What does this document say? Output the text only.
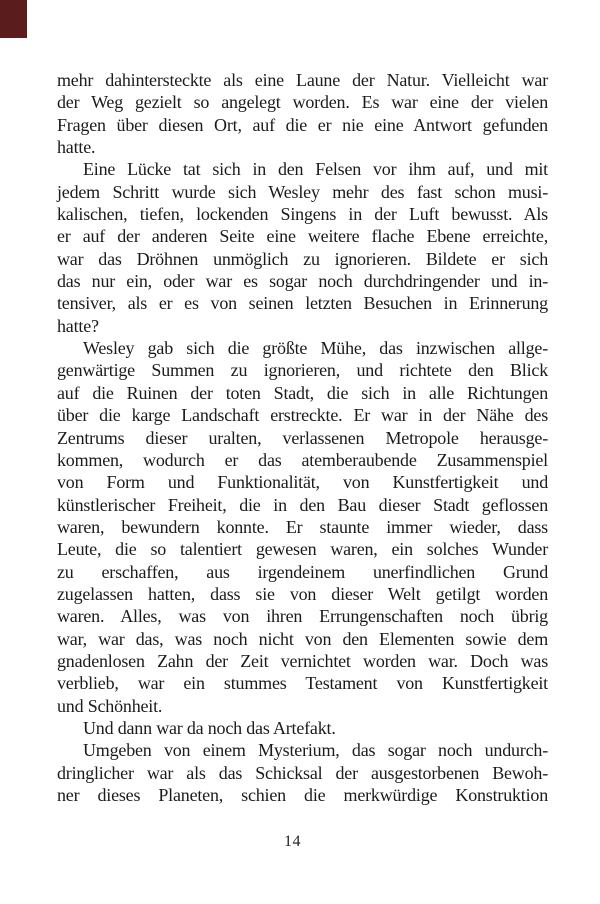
mehr dahintersteckte als eine Laune der Natur. Vielleicht war
der Weg gezielt so angelegt worden. Es war eine der vielen
Fragen über diesen Ort, auf die er nie eine Antwort gefunden
hatte.
Eine Lücke tat sich in den Felsen vor ihm auf, und mit
jedem Schritt wurde sich Wesley mehr des fast schon musi-
kalischen, tiefen, lockenden Singens in der Luft bewusst. Als
er auf der anderen Seite eine weitere flache Ebene erreichte,
war das Dröhnen unmöglich zu ignorieren. Bildete er sich
das nur ein, oder war es sogar noch durchdringender und in-
tensiver, als er es von seinen letzten Besuchen in Erinnerung
hatte?
Wesley gab sich die größte Mühe, das inzwischen allge-
genwärtige Summen zu ignorieren, und richtete den Blick
auf die Ruinen der toten Stadt, die sich in alle Richtungen
über die karge Landschaft erstreckte. Er war in der Nähe des
Zentrums dieser uralten, verlassenen Metropole herausge-
kommen, wodurch er das atemberaubende Zusammenspiel
von Form und Funktionalität, von Kunstfertigkeit und
künstlerischer Freiheit, die in den Bau dieser Stadt geflossen
waren, bewundern konnte. Er staunte immer wieder, dass
Leute, die so talentiert gewesen waren, ein solches Wunder
zu erschaffen, aus irgendeinem unerfindlichen Grund
zugelassen hatten, dass sie von dieser Welt getilgt worden
waren. Alles, was von ihren Errungenschaften noch übrig
war, war das, was noch nicht von den Elementen sowie dem
gnadenlosen Zahn der Zeit vernichtet worden war. Doch was
verblieb, war ein stummes Testament von Kunstfertigkeit
und Schönheit.
Und dann war da noch das Artefakt.
Umgeben von einem Mysterium, das sogar noch undurch-
dringlicher war als das Schicksal der ausgestorbenen Bewoh-
ner dieses Planeten, schien die merkwürdige Konstruktion
14
